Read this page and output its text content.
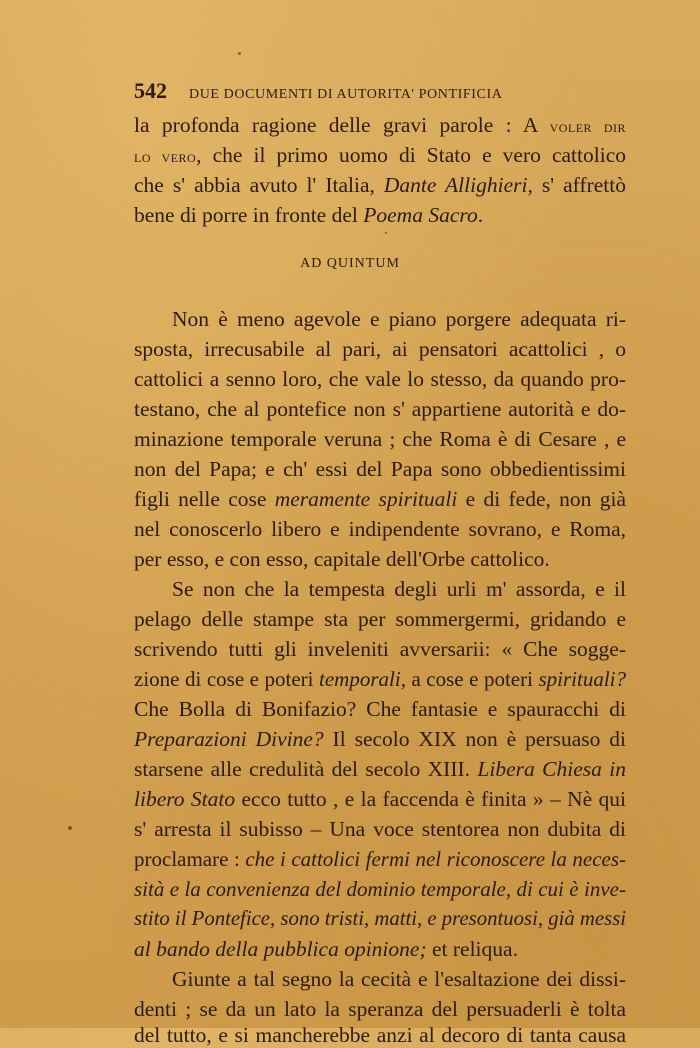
542 DUE DOCUMENTI DI AUTORITA' PONTIFICIA
la profonda ragione delle gravi parole : A voler dir
lo vero, che il primo uomo di Stato e vero cattolico
che s' abbia avuto l' Italia, Dante Allighieri, s' affrettò
bene di porre in fronte del Poema Sacro.
AD QUINTUM
Non è meno agevole e piano porgere adequata ri-
sposta, irrecusabile al pari, ai pensatori acattolici , o
cattolici a senno loro, che vale lo stesso, da quando pro-
testano, che al pontefice non s' appartiene autorità e do-
minazione temporale veruna ; che Roma è di Cesare , e
non del Papa; e ch' essi del Papa sono obbedientissimi
figli nelle cose meramente spirituali e di fede, non già
nel conoscerlo libero e indipendente sovrano, e Roma,
per esso, e con esso, capitale dell'Orbe cattolico.
Se non che la tempesta degli urli m' assorda, e il
pelago delle stampe sta per sommergermi, gridando e
scrivendo tutti gli inveleniti avversarii: « Che sogge-
zione di cose e poteri temporali, a cose e poteri spirituali?
Che Bolla di Bonifazio? Che fantasie e spauracchi di
Preparazioni Divine? Il secolo XIX non è persuaso di
starsene alle credulità del secolo XIII. Libera Chiesa in
libero Stato ecco tutto , e la faccenda è finita » – Nè qui
s' arresta il subisso – Una voce stentorea non dubita di
proclamare : che i cattolici fermi nel riconoscere la neces-
sità e la convenienza del dominio temporale, di cui è inve-
stito il Pontefice, sono tristi, matti, e presontuosi, già messi
al bando della pubblica opinione; et reliqua.
Giunte a tal segno la cecità e l'esaltazione dei dissi-
denti ; se da un lato la speranza del persuaderli è tolta
del tutto, e si mancherebbe anzi al decoro di tanta causa
